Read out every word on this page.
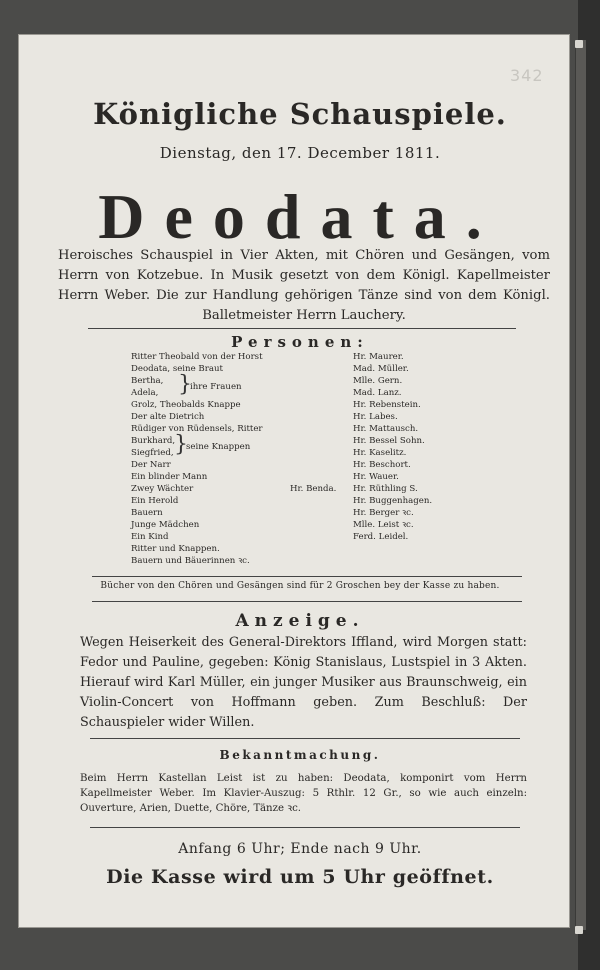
342
Königliche Schauspiele.
Dienstag, den 17. December 1811.
Deodata.
Heroisches Schauspiel in Vier Akten, mit Chören und Gesängen, vom Herrn von Kotzebue. In Musik gesetzt von dem Königl. Kapellmeister Herrn Weber. Die zur Handlung gehörigen Tänze sind von dem Königl. Balletmeister Herrn Lauchery.
Personen:
Ritter Theobald von der Horst	Hr. Maurer.
Deodata, seine Braut	Mad. Müller.
Bertha,	Mlle. Gern.
Adela,	Mad. Lanz.
}
ihre Frauen
Grolz, Theobalds Knappe	Hr. Rebenstein.
Der alte Dietrich	Hr. Labes.
Rüdiger von Rüdensels, Ritter	Hr. Mattausch.
Burkhard,	Hr. Bessel Sohn.
Siegfried,	Hr. Kaselitz.
}
seine Knappen
Der Narr	Hr. Beschort.
Ein blinder Mann	Hr. Wauer.
Zwey Wächter	Hr. Benda. Hr. Rüthling S.
Ein Herold	Hr. Buggenhagen.
Bauern	Hr. Berger ꝛc.
Junge Mädchen	Mlle. Leist ꝛc.
Ein Kind	Ferd. Leidel.
Ritter und Knappen.
Bauern und Bäuerinnen ꝛc.
Bücher von den Chören und Gesängen sind für 2 Groschen bey der Kasse zu haben.
Anzeige.
Wegen Heiserkeit des General-Direktors Iffland, wird Morgen statt: Fedor und Pauline, gegeben: König Stanislaus, Lustspiel in 3 Akten. Hierauf wird Karl Müller, ein junger Musiker aus Braunschweig, ein Violin-Concert von Hoffmann geben. Zum Beschluß: Der Schauspieler wider Willen.
Bekanntmachung.
Beim Herrn Kastellan Leist ist zu haben: Deodata, komponirt vom Herrn Kapellmeister Weber. Im Klavier-Auszug: 5 Rthlr. 12 Gr., so wie auch einzeln: Ouverture, Arien, Duette, Chöre, Tänze ꝛc.
Anfang 6 Uhr; Ende nach 9 Uhr.
Die Kasse wird um 5 Uhr geöffnet.
